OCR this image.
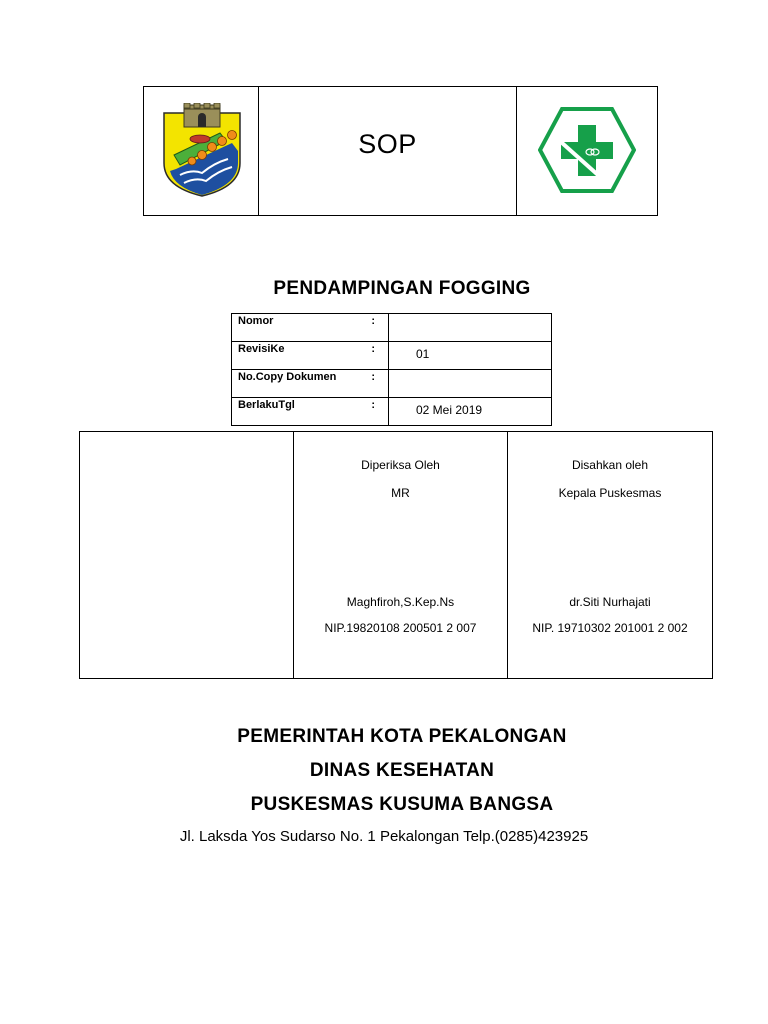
SOP
PENDAMPINGAN FOGGING
Nomor :		

RevisiKe :		01

No.Copy Dokumen :		

BerlakuTgl :		02 Mei 2019
Diperiksa Oleh
MR
Maghfiroh,S.Kep.Ns
NIP.19820108 200501 2 007
Disahkan oleh
Kepala Puskesmas
dr.Siti Nurhajati
NIP. 19710302 201001 2 002
PEMERINTAH KOTA PEKALONGAN
DINAS KESEHATAN
PUSKESMAS KUSUMA BANGSA
Jl. Laksda Yos Sudarso No. 1 Pekalongan Telp.(0285)423925
